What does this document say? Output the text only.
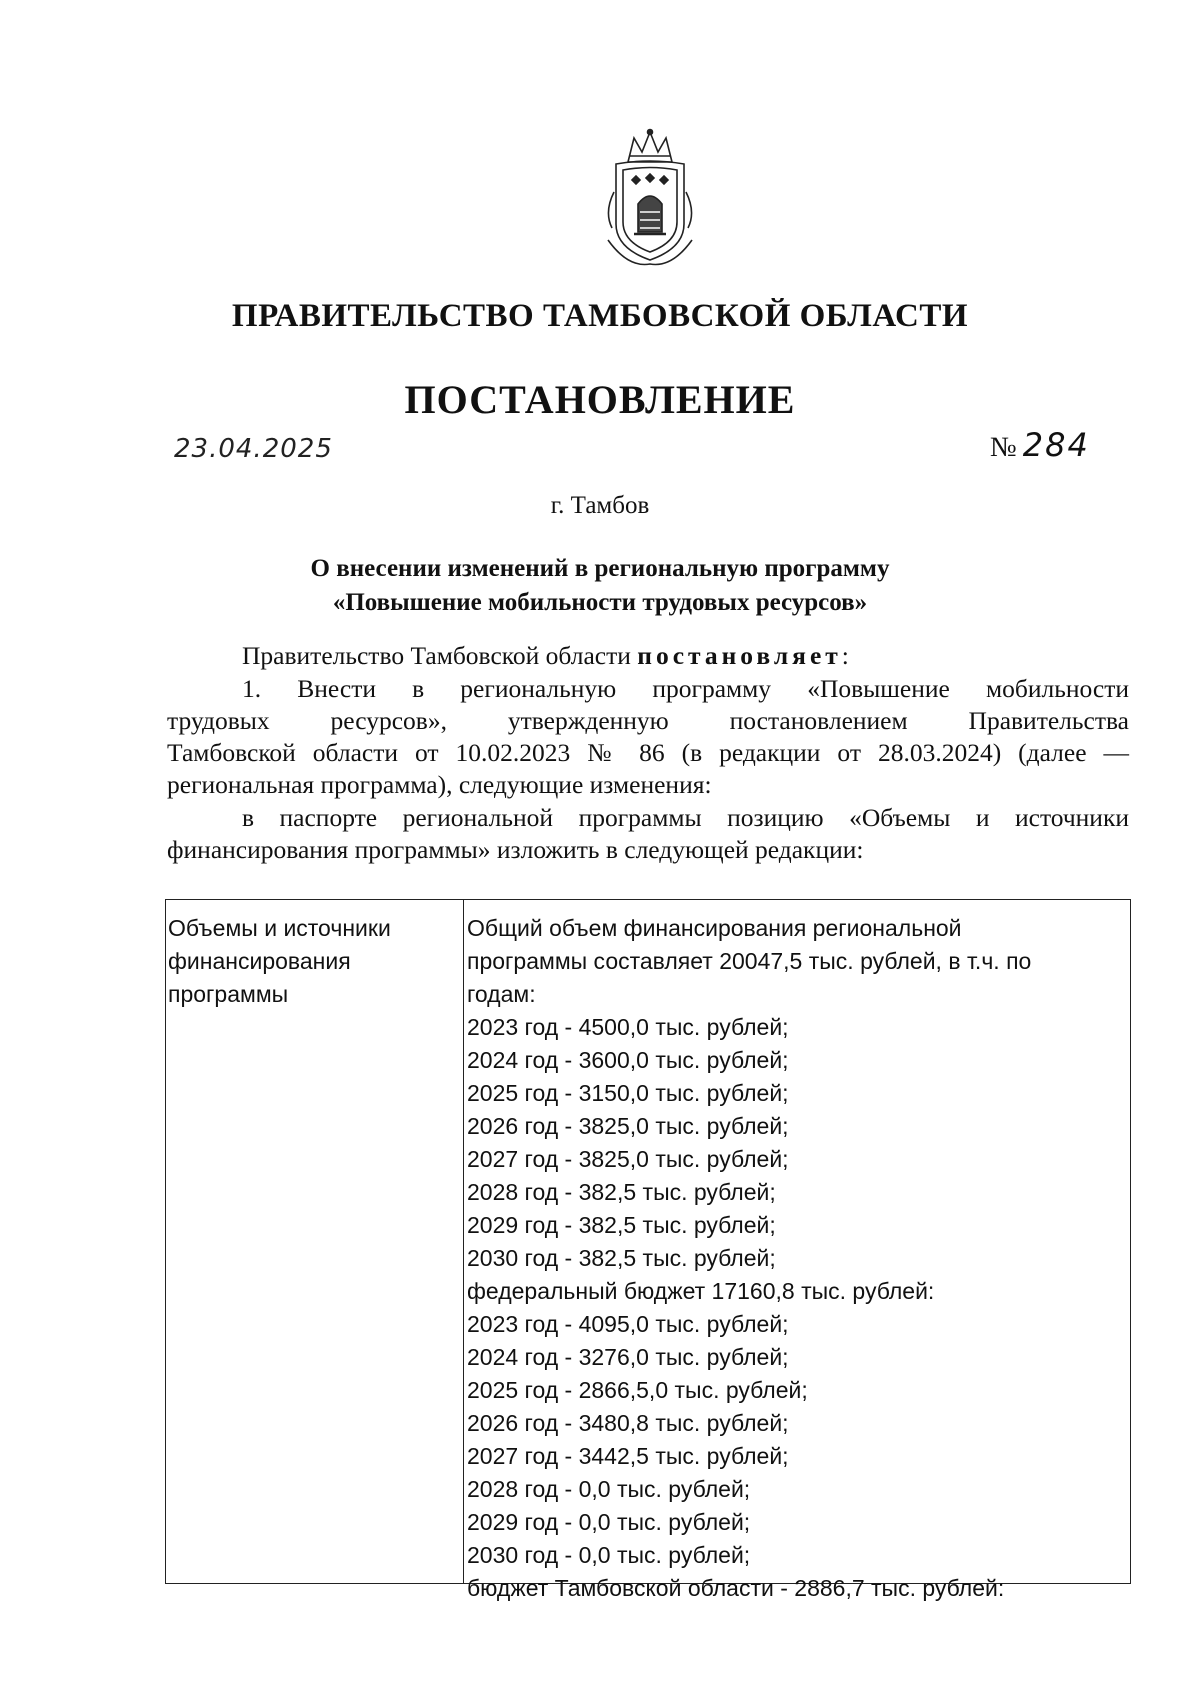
ПРАВИТЕЛЬСТВО ТАМБОВСКОЙ ОБЛАСТИ
ПОСТАНОВЛЕНИЕ
23.04.2025	№ 284
г. Тамбов
О внесении изменений в региональную программу
«Повышение мобильности трудовых ресурсов»
Правительство Тамбовской области постановляет:
1. Внести в региональную программу «Повышение мобильности
трудовых ресурсов», утвержденную постановлением Правительства
Тамбовской области от 10.02.2023 № 86 (в редакции от 28.03.2024) (далее —
региональная программа), следующие изменения:
в паспорте региональной программы позицию «Объемы и источники
финансирования программы» изложить в следующей редакции:
Объемы и источники
финансирования
программы
Общий объем финансирования региональной
программы составляет 20047,5 тыс. рублей, в т.ч. по
годам:
2023 год - 4500,0 тыс. рублей;
2024 год - 3600,0 тыс. рублей;
2025 год - 3150,0 тыс. рублей;
2026 год - 3825,0 тыс. рублей;
2027 год - 3825,0 тыс. рублей;
2028 год - 382,5 тыс. рублей;
2029 год - 382,5 тыс. рублей;
2030 год - 382,5 тыс. рублей;
федеральный бюджет 17160,8 тыс. рублей:
2023 год - 4095,0 тыс. рублей;
2024 год - 3276,0 тыс. рублей;
2025 год - 2866,5,0 тыс. рублей;
2026 год - 3480,8 тыс. рублей;
2027 год - 3442,5 тыс. рублей;
2028 год - 0,0 тыс. рублей;
2029 год - 0,0 тыс. рублей;
2030 год - 0,0 тыс. рублей;
бюджет Тамбовской области - 2886,7 тыс. рублей:
